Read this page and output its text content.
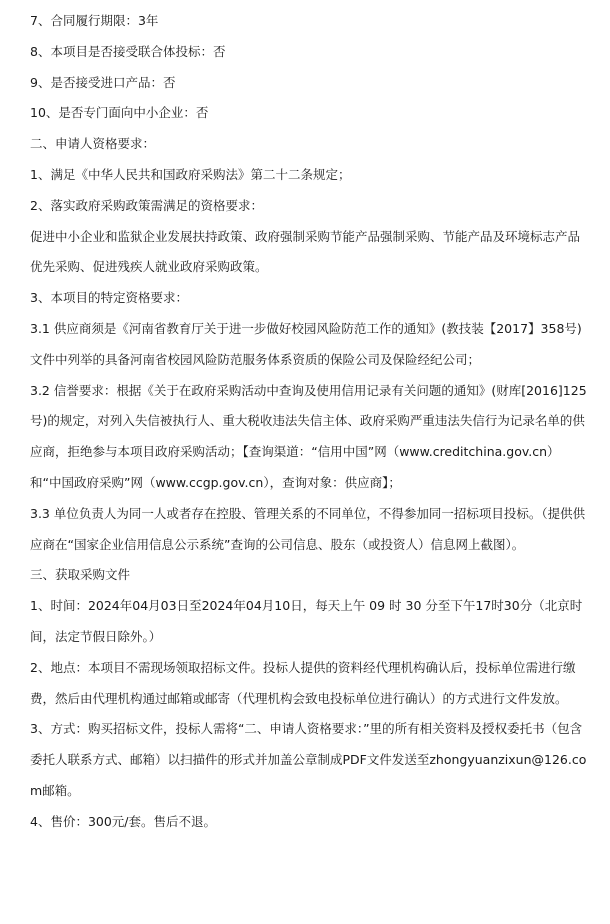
7、合同履行期限：3年

8、本项目是否接受联合体投标：否

9、是否接受进口产品：否

10、是否专门面向中小企业：否

二、申请人资格要求：

1、满足《中华人民共和国政府采购法》第二十二条规定；

2、落实政府采购政策需满足的资格要求：

促进中小企业和监狱企业发展扶持政策、政府强制采购节能产品强制采购、节能产品及环境标志产品优先采购、促进残疾人就业政府采购政策。

3、本项目的特定资格要求：

3.1 供应商须是《河南省教育厅关于进一步做好校园风险防范工作的通知》(教技装【2017】358号)文件中列举的具备河南省校园风险防范服务体系资质的保险公司及保险经纪公司；

3.2 信誉要求：根据《关于在政府采购活动中查询及使用信用记录有关问题的通知》(财库[2016]125号)的规定，对列入失信被执行人、重大税收违法失信主体、政府采购严重违法失信行为记录名单的供应商，拒绝参与本项目政府采购活动；【查询渠道：“信用中国”网（www.creditchina.gov.cn）和“中国政府采购”网（www.ccgp.gov.cn），查询对象：供应商】；

3.3 单位负责人为同一人或者存在控股、管理关系的不同单位，不得参加同一招标项目投标。（提供供应商在“国家企业信用信息公示系统”查询的公司信息、股东（或投资人）信息网上截图）。

三、获取采购文件

1、时间：2024年04月03日至2024年04月10日，每天上午 09 时 30 分至下午17时30分（北京时间，法定节假日除外。）

2、地点：本项目不需现场领取招标文件。投标人提供的资料经代理机构确认后，投标单位需进行缴费，然后由代理机构通过邮箱或邮寄（代理机构会致电投标单位进行确认）的方式进行文件发放。

3、方式：购买招标文件，投标人需将“二、申请人资格要求：”里的所有相关资料及授权委托书（包含委托人联系方式、邮箱）以扫描件的形式并加盖公章制成PDF文件发送至zhongyuanzixun@126.com邮箱。

4、售价：300元/套。售后不退。
